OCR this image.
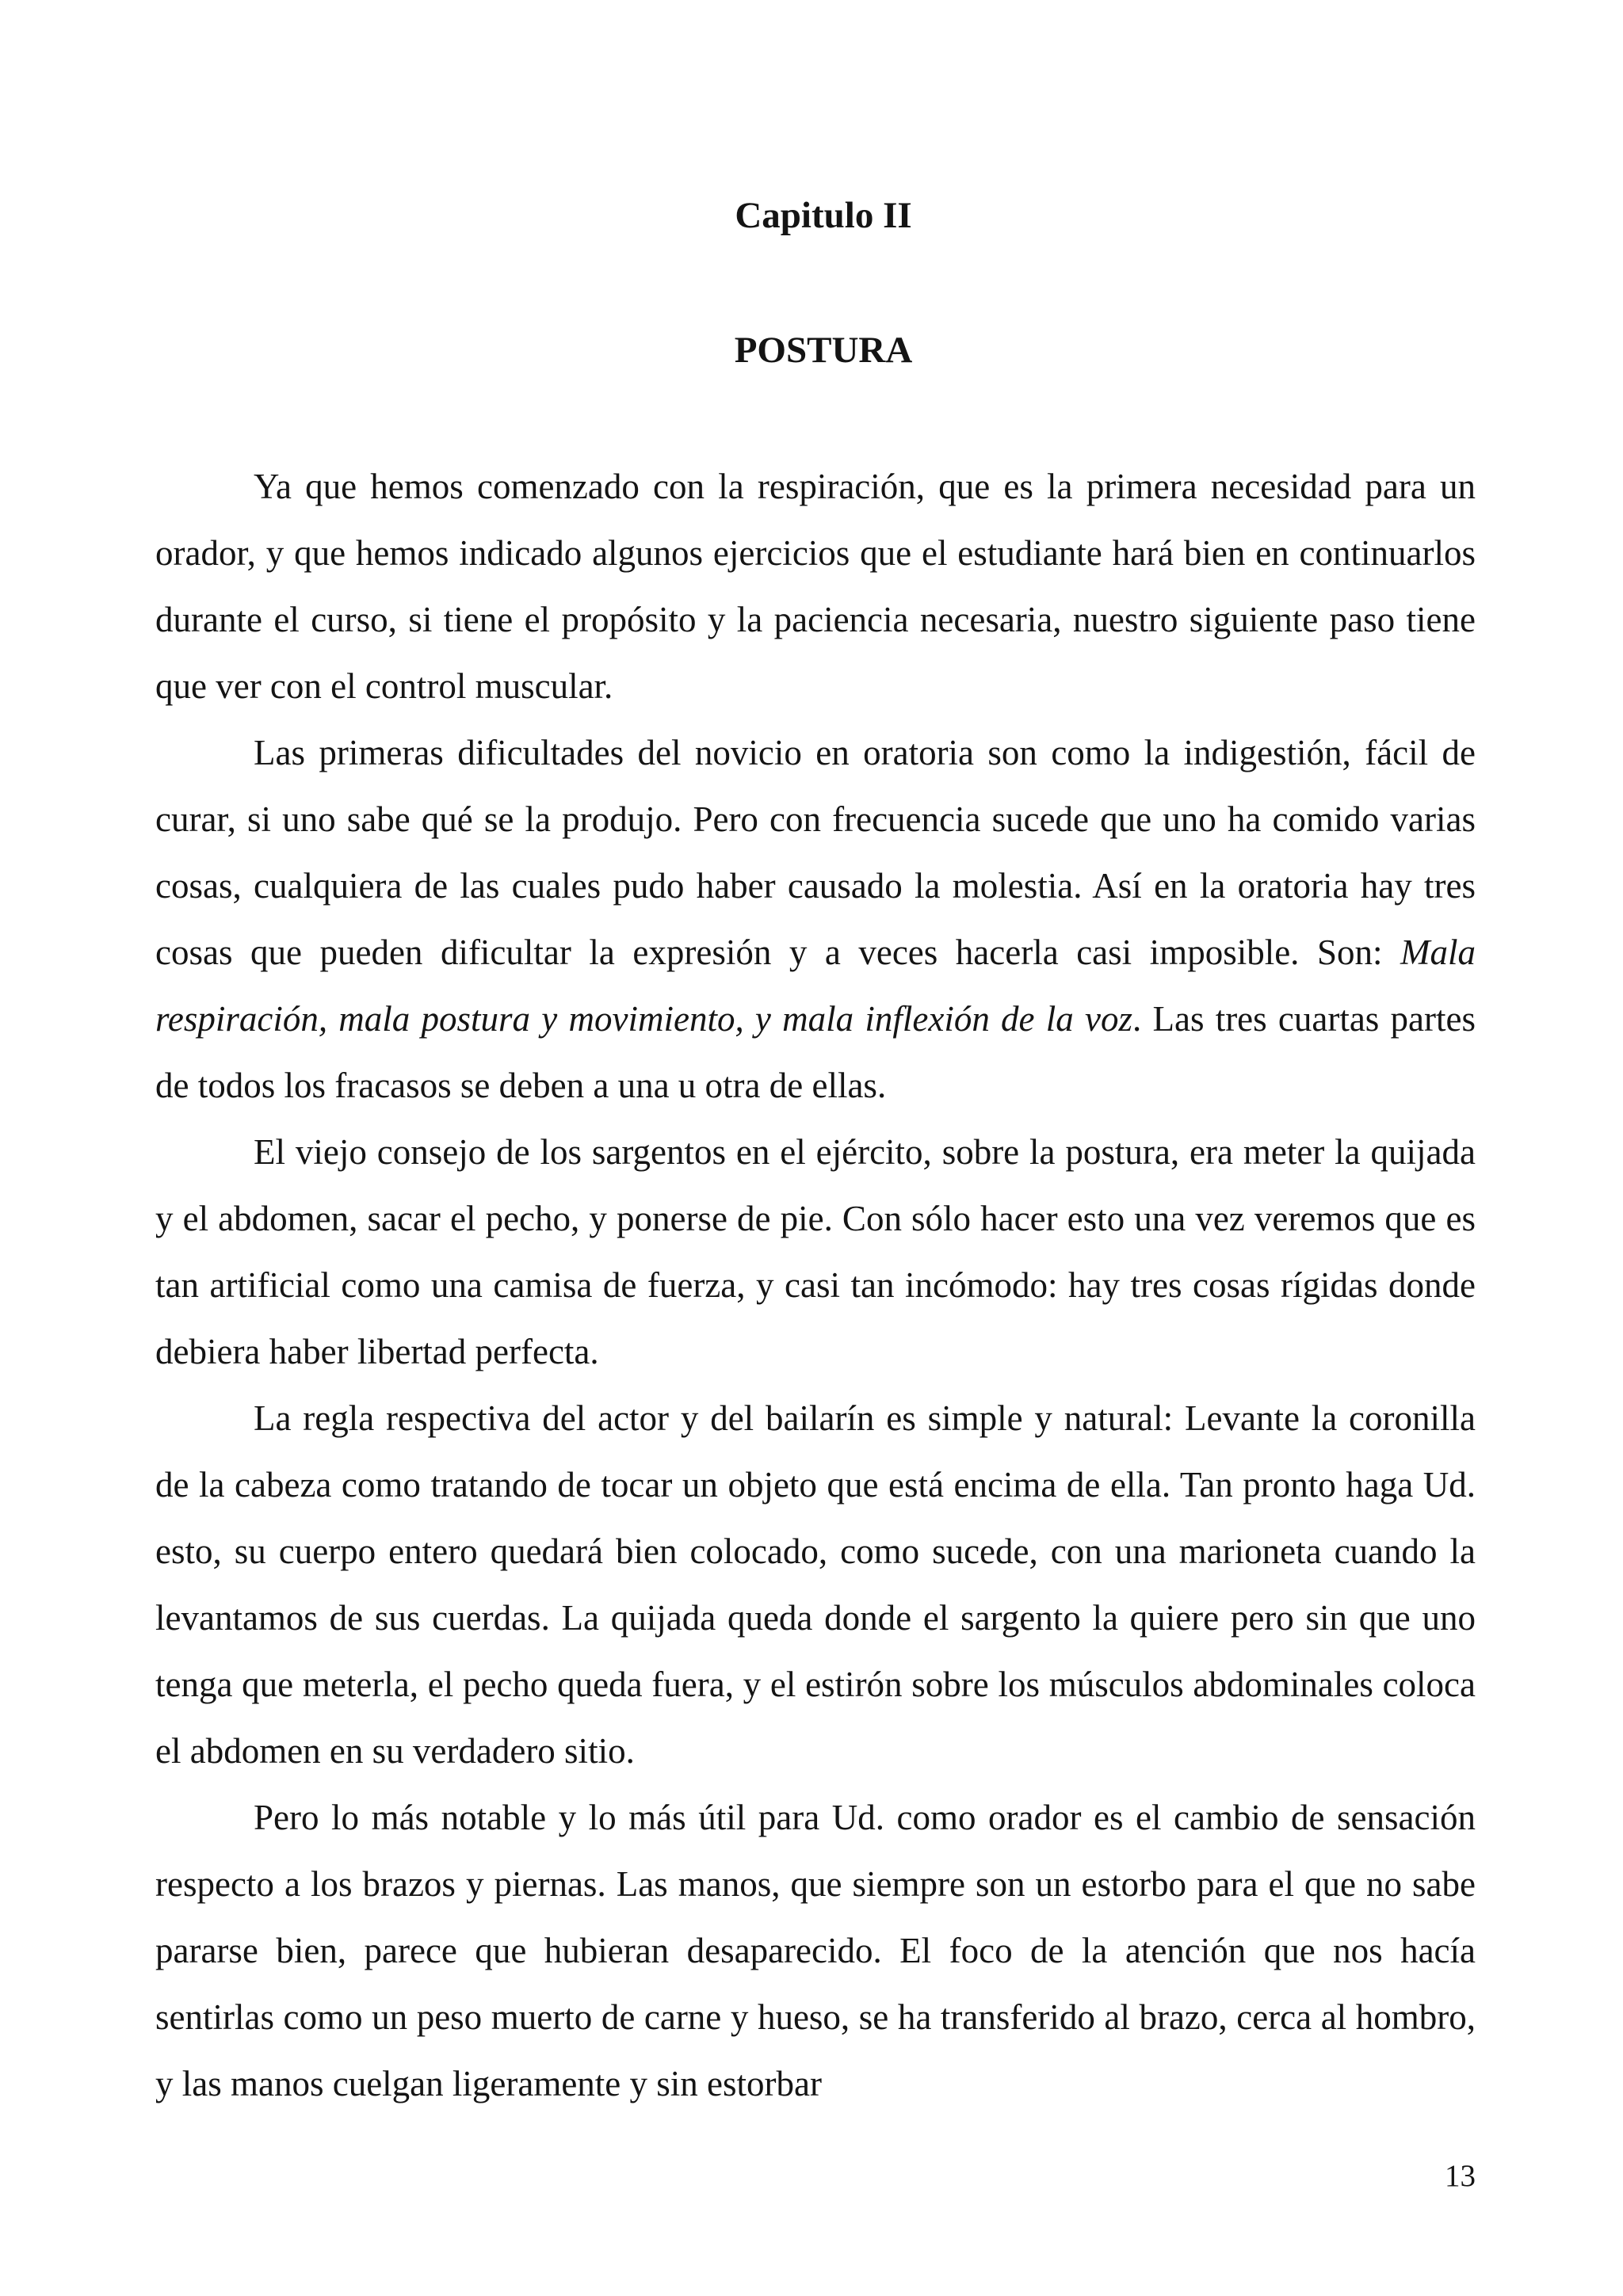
Capitulo II
POSTURA

Ya que hemos comenzado con la respiración, que es la primera necesidad para un orador, y que hemos indicado algunos ejercicios que el estudiante hará bien en continuarlos durante el curso, si tiene el propósito y la paciencia necesaria, nuestro siguiente paso tiene que ver con el control muscular.

Las primeras dificultades del novicio en oratoria son como la indigestión, fácil de curar, si uno sabe qué se la produjo. Pero con frecuencia sucede que uno ha comido varias cosas, cualquiera de las cuales pudo haber causado la molestia. Así en la oratoria hay tres cosas que pueden dificultar la expresión y a veces hacerla casi imposible. Son: Mala respiración, mala postura y movimiento, y mala inflexión de la voz. Las tres cuartas partes de todos los fracasos se deben a una u otra de ellas.

El viejo consejo de los sargentos en el ejército, sobre la postura, era meter la quijada y el abdomen, sacar el pecho, y ponerse de pie. Con sólo hacer esto una vez veremos que es tan artificial como una camisa de fuerza, y casi tan incómodo: hay tres cosas rígidas donde debiera haber libertad perfecta.

La regla respectiva del actor y del bailarín es simple y natural: Levante la coronilla de la cabeza como tratando de tocar un objeto que está encima de ella. Tan pronto haga Ud. esto, su cuerpo entero quedará bien colocado, como sucede, con una marioneta cuando la levantamos de sus cuerdas. La quijada queda donde el sargento la quiere pero sin que uno tenga que meterla, el pecho queda fuera, y el estirón sobre los músculos abdominales coloca el abdomen en su verdadero sitio.

Pero lo más notable y lo más útil para Ud. como orador es el cambio de sensación respecto a los brazos y piernas. Las manos, que siempre son un estorbo para el que no sabe pararse bien, parece que hubieran desaparecido. El foco de la atención que nos hacía sentirlas como un peso muerto de carne y hueso, se ha transferido al brazo, cerca al hombro, y las manos cuelgan ligeramente y sin estorbar

13
